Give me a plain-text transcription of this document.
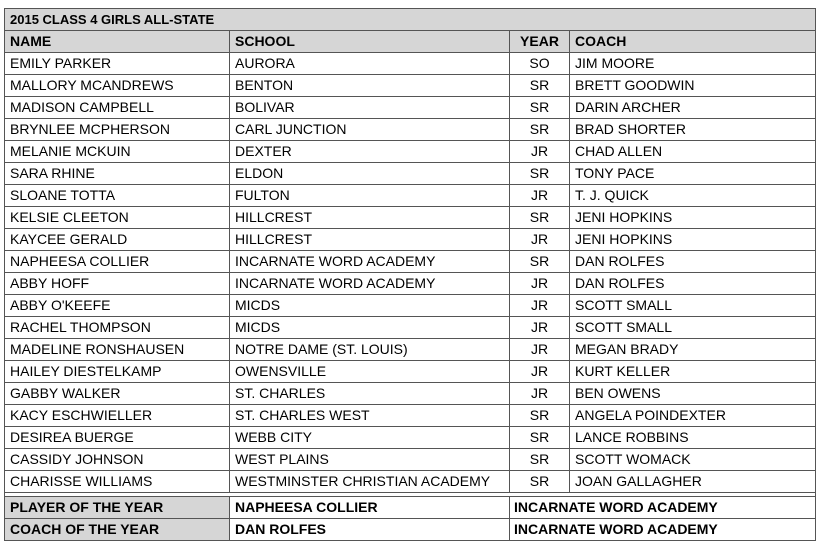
2015 CLASS 4 GIRLS ALL-STATE			
NAME	SCHOOL	YEAR	COACH
EMILY PARKER	AURORA	SO	JIM MOORE
MALLORY MCANDREWS	BENTON	SR	BRETT GOODWIN
MADISON CAMPBELL	BOLIVAR	SR	DARIN ARCHER
BRYNLEE MCPHERSON	CARL JUNCTION	SR	BRAD SHORTER
MELANIE MCKUIN	DEXTER	JR	CHAD ALLEN
SARA RHINE	ELDON	SR	TONY PACE
SLOANE TOTTA	FULTON	JR	T. J. QUICK
KELSIE CLEETON	HILLCREST	SR	JENI HOPKINS
KAYCEE GERALD	HILLCREST	JR	JENI HOPKINS
NAPHEESA COLLIER	INCARNATE WORD ACADEMY	SR	DAN ROLFES
ABBY HOFF	INCARNATE WORD ACADEMY	JR	DAN ROLFES
ABBY O'KEEFE	MICDS	JR	SCOTT SMALL
RACHEL THOMPSON	MICDS	JR	SCOTT SMALL
MADELINE RONSHAUSEN	NOTRE DAME (ST. LOUIS)	JR	MEGAN BRADY
HAILEY DIESTELKAMP	OWENSVILLE	JR	KURT KELLER
GABBY WALKER	ST. CHARLES	JR	BEN OWENS
KACY ESCHWIELLER	ST. CHARLES WEST	SR	ANGELA POINDEXTER
DESIREA BUERGE	WEBB CITY	SR	LANCE ROBBINS
CASSIDY JOHNSON	WEST PLAINS	SR	SCOTT WOMACK
CHARISSE WILLIAMS	WESTMINSTER CHRISTIAN ACADEMY	SR	JOAN GALLAGHER

PLAYER OF THE YEAR	NAPHEESA COLLIER	INCARNATE WORD ACADEMY	
COACH OF THE YEAR	DAN ROLFES	INCARNATE WORD ACADEMY	
